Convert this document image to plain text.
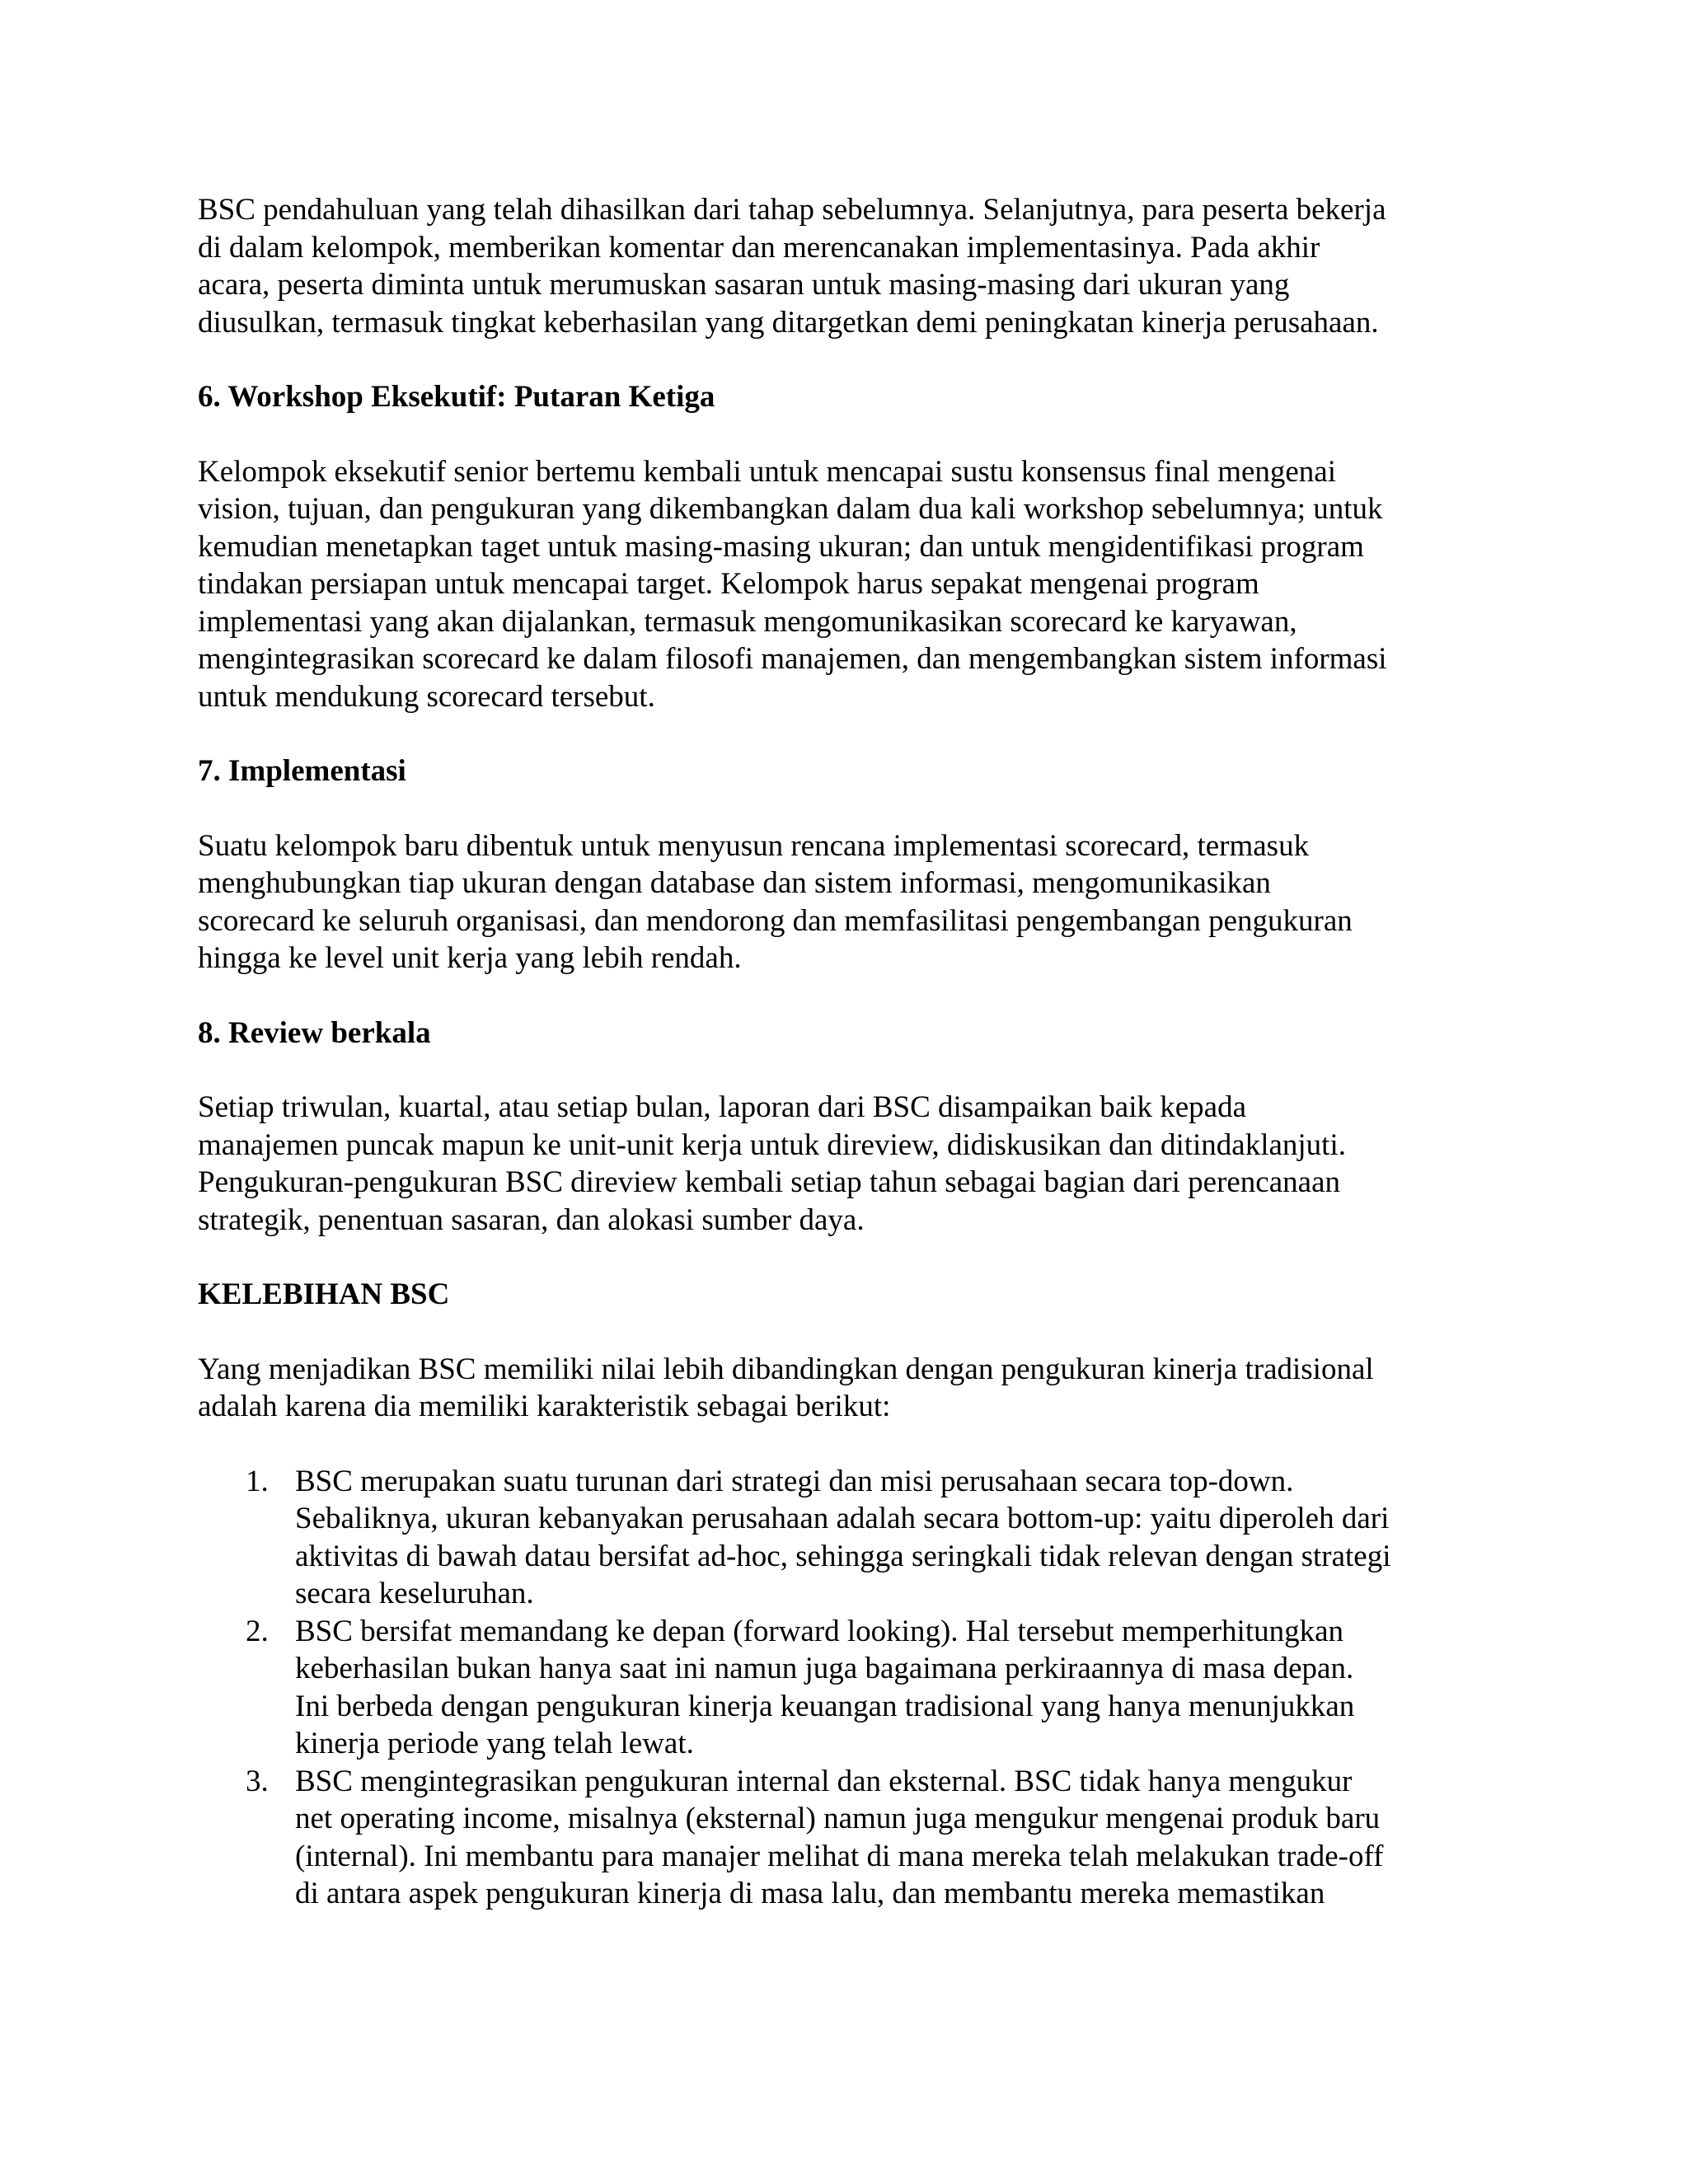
BSC pendahuluan yang telah dihasilkan dari tahap sebelumnya. Selanjutnya, para peserta bekerja
di dalam kelompok, memberikan komentar dan merencanakan implementasinya. Pada akhir
acara, peserta diminta untuk merumuskan sasaran untuk masing-masing dari ukuran yang
diusulkan, termasuk tingkat keberhasilan yang ditargetkan demi peningkatan kinerja perusahaan.

6. Workshop Eksekutif: Putaran Ketiga

Kelompok eksekutif senior bertemu kembali untuk mencapai sustu konsensus final mengenai
vision, tujuan, dan pengukuran yang dikembangkan dalam dua kali workshop sebelumnya; untuk
kemudian menetapkan taget untuk masing-masing ukuran; dan untuk mengidentifikasi program
tindakan persiapan untuk mencapai target. Kelompok harus sepakat mengenai program
implementasi yang akan dijalankan, termasuk mengomunikasikan scorecard ke karyawan,
mengintegrasikan scorecard ke dalam filosofi manajemen, dan mengembangkan sistem informasi
untuk mendukung scorecard tersebut.

7. Implementasi

Suatu kelompok baru dibentuk untuk menyusun rencana implementasi scorecard, termasuk
menghubungkan tiap ukuran dengan database dan sistem informasi, mengomunikasikan
scorecard ke seluruh organisasi, dan mendorong dan memfasilitasi pengembangan pengukuran
hingga ke level unit kerja yang lebih rendah.

8. Review berkala

Setiap triwulan, kuartal, atau setiap bulan, laporan dari BSC disampaikan baik kepada
manajemen puncak mapun ke unit-unit kerja untuk direview, didiskusikan dan ditindaklanjuti.
Pengukuran-pengukuran BSC direview kembali setiap tahun sebagai bagian dari perencanaan
strategik, penentuan sasaran, dan alokasi sumber daya.

KELEBIHAN BSC

Yang menjadikan BSC memiliki nilai lebih dibandingkan dengan pengukuran kinerja tradisional
adalah karena dia memiliki karakteristik sebagai berikut:

1. BSC merupakan suatu turunan dari strategi dan misi perusahaan secara top-down.
Sebaliknya, ukuran kebanyakan perusahaan adalah secara bottom-up: yaitu diperoleh dari
aktivitas di bawah datau bersifat ad-hoc, sehingga seringkali tidak relevan dengan strategi
secara keseluruhan.
2. BSC bersifat memandang ke depan (forward looking). Hal tersebut memperhitungkan
keberhasilan bukan hanya saat ini namun juga bagaimana perkiraannya di masa depan.
Ini berbeda dengan pengukuran kinerja keuangan tradisional yang hanya menunjukkan
kinerja periode yang telah lewat.
3. BSC mengintegrasikan pengukuran internal dan eksternal. BSC tidak hanya mengukur
net operating income, misalnya (eksternal) namun juga mengukur mengenai produk baru
(internal). Ini membantu para manajer melihat di mana mereka telah melakukan trade-off
di antara aspek pengukuran kinerja di masa lalu, dan membantu mereka memastikan
